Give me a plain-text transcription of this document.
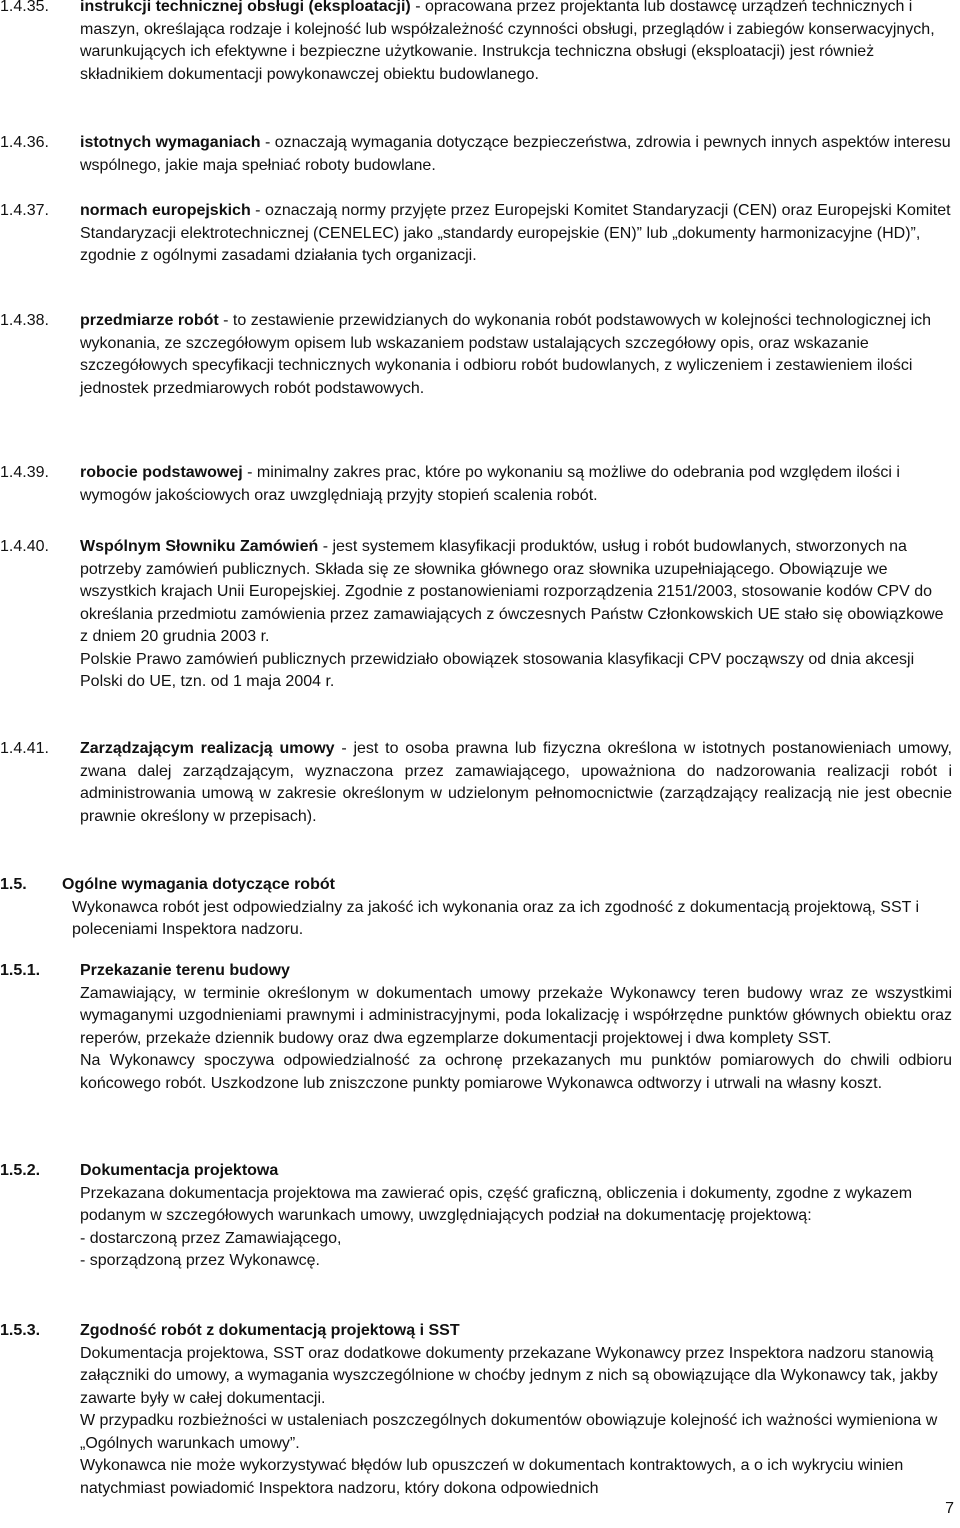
1.4.35. instrukcji technicznej obsługi (eksploatacji) - opracowana przez projektanta lub dostawcę urządzeń technicznych i maszyn, określająca rodzaje i kolejność lub współzależność czynności obsługi, przeglądów i zabiegów konserwacyjnych, warunkujących ich efektywne i bezpieczne użytkowanie. Instrukcja techniczna obsługi (eksploatacji) jest również składnikiem dokumentacji powykonawczej obiektu budowlanego.
1.4.36. istotnych wymaganiach - oznaczają wymagania dotyczące bezpieczeństwa, zdrowia i pewnych innych aspektów interesu wspólnego, jakie maja spełniać roboty budowlane.
1.4.37. normach europejskich - oznaczają normy przyjęte przez Europejski Komitet Standaryzacji (CEN) oraz Europejski Komitet Standaryzacji elektrotechnicznej (CENELEC) jako „standardy europejskie (EN)” lub „dokumenty harmonizacyjne (HD)”, zgodnie z ogólnymi zasadami działania tych organizacji.
1.4.38. przedmiarze robót - to zestawienie przewidzianych do wykonania robót podstawowych w kolejności technologicznej ich wykonania, ze szczegółowym opisem lub wskazaniem podstaw ustalających szczegółowy opis, oraz wskazanie szczegółowych specyfikacji technicznych wykonania i odbioru robót budowlanych, z wyliczeniem i zestawieniem ilości jednostek przedmiarowych robót podstawowych.
1.4.39. robocie podstawowej - minimalny zakres prac, które po wykonaniu są możliwe do odebrania pod względem ilości i wymogów jakościowych oraz uwzględniają przyjty stopień scalenia robót.
1.4.40. Wspólnym Słowniku Zamówień - jest systemem klasyfikacji produktów, usług i robót budowlanych, stworzonych na potrzeby zamówień publicznych. Składa się ze słownika głównego oraz słownika uzupełniającego. Obowiązuje we wszystkich krajach Unii Europejskiej. Zgodnie z postanowieniami rozporządzenia 2151/2003, stosowanie kodów CPV do określania przedmiotu zamówienia przez zamawiających z ówczesnych Państw Członkowskich UE stało się obowiązkowe z dniem 20 grudnia 2003 r.

Polskie Prawo zamówień publicznych przewidziało obowiązek stosowania klasyfikacji CPV począwszy od dnia akcesji Polski do UE, tzn. od 1 maja 2004 r.

1.4.41. Zarządzającym realizacją umowy - jest to osoba prawna lub fizyczna określona w istotnych postanowieniach umowy, zwana dalej zarządzającym, wyznaczona przez zamawiającego, upoważniona do nadzorowania realizacji robót i administrowania umową w zakresie określonym w udzielonym pełnomocnictwie (zarządzający realizacją nie jest obecnie prawnie określony w przepisach).
1.5. Ogólne wymagania dotyczące robót

Wykonawca robót jest odpowiedzialny za jakość ich wykonania oraz za ich zgodność z dokumentacją projektową, SST i poleceniami Inspektora nadzoru.

1.5.1. Przekazanie terenu budowy

Zamawiający, w terminie określonym w dokumentach umowy przekaże Wykonawcy teren budowy wraz ze wszystkimi wymaganymi uzgodnieniami prawnymi i administracyjnymi, poda lokalizację i współrzędne punktów głównych obiektu oraz reperów, przekaże dziennik budowy oraz dwa egzemplarze dokumentacji projektowej i dwa komplety SST.

Na Wykonawcy spoczywa odpowiedzialność za ochronę przekazanych mu punktów pomiarowych do chwili odbioru końcowego robót. Uszkodzone lub zniszczone punkty pomiarowe Wykonawca odtworzy i utrwali na własny koszt.

1.5.2. Dokumentacja projektowa

Przekazana dokumentacja projektowa ma zawierać opis, część graficzną, obliczenia i dokumenty, zgodne z wykazem podanym w szczegółowych warunkach umowy, uwzględniających podział na dokumentację projektową:

- dostarczoną przez Zamawiającego,

- sporządzoną przez Wykonawcę.

1.5.3. Zgodność robót z dokumentacją projektową i SST

Dokumentacja projektowa, SST oraz dodatkowe dokumenty przekazane Wykonawcy przez Inspektora nadzoru stanowią załączniki do umowy, a wymagania wyszczególnione w choćby jednym z nich są obowiązujące dla Wykonawcy tak, jakby zawarte były w całej dokumentacji.

W przypadku rozbieżności w ustaleniach poszczególnych dokumentów obowiązuje kolejność ich ważności wymieniona w „Ogólnych warunkach umowy”.

Wykonawca nie może wykorzystywać błędów lub opuszczeń w dokumentach kontraktowych, a o ich wykryciu winien natychmiast powiadomić Inspektora nadzoru, który dokona odpowiednich

7
